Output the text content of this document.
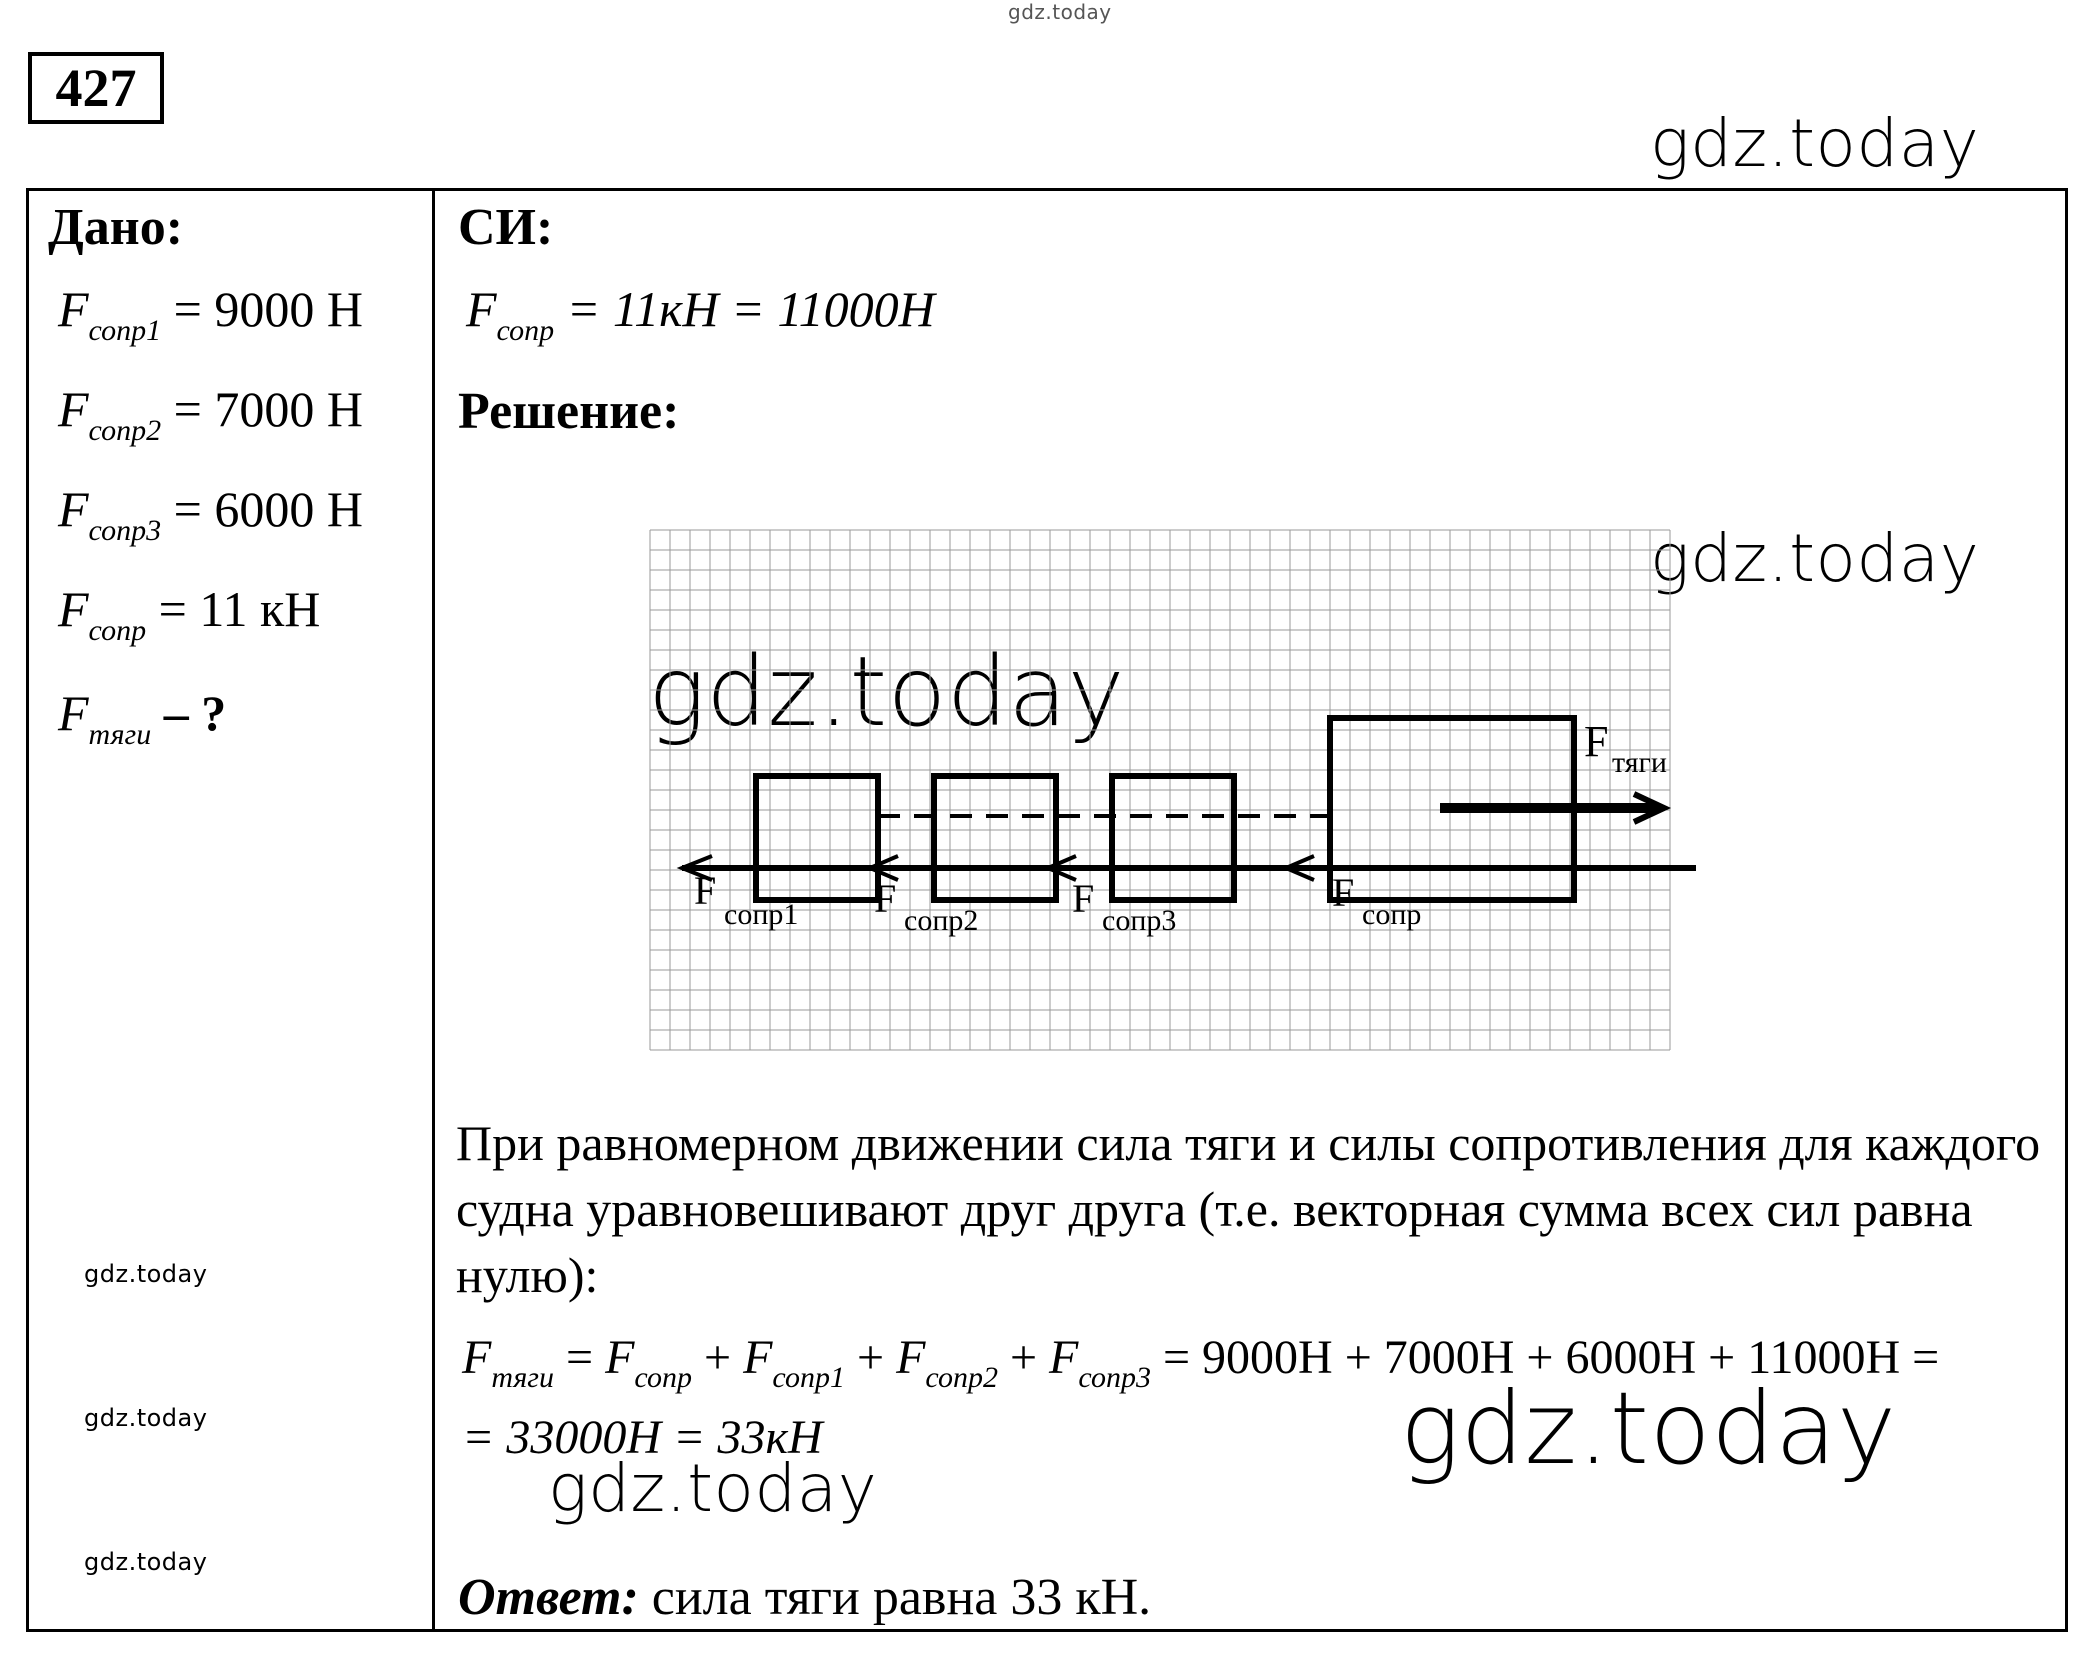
gdz.today
gdz.today
gdz.today
gdz.today
gdz.today
gdz.today
gdz.today
gdz.today
gdz.today
427
Дано:
$F_{сопр1} = 9000$ Н
$F_{сопр2} = 7000$ Н
$F_{сопр3} = 6000$ Н
$F_{сопр} = 11$ кН
$F_{тяги}$ – ?
СИ:
$F_{сопр} = 11кН = 11000Н$
Решение:
F тяги
F
сопр1 F сопр2 F сопр3
F сопр
При равномерном движении сила тяги и силы сопротивления для каждого судна уравновешивают друг друга (т.е. векторная сумма всех сил равна нулю):
$F_{тяги} = F_{сопр} + F_{сопр1} + F_{сопр2} + F_{сопр3} = 9000Н + 7000Н + 6000Н + 11000Н$ =
= 33000Н = 33кН
Ответ: сила тяги равна 33 кН.
